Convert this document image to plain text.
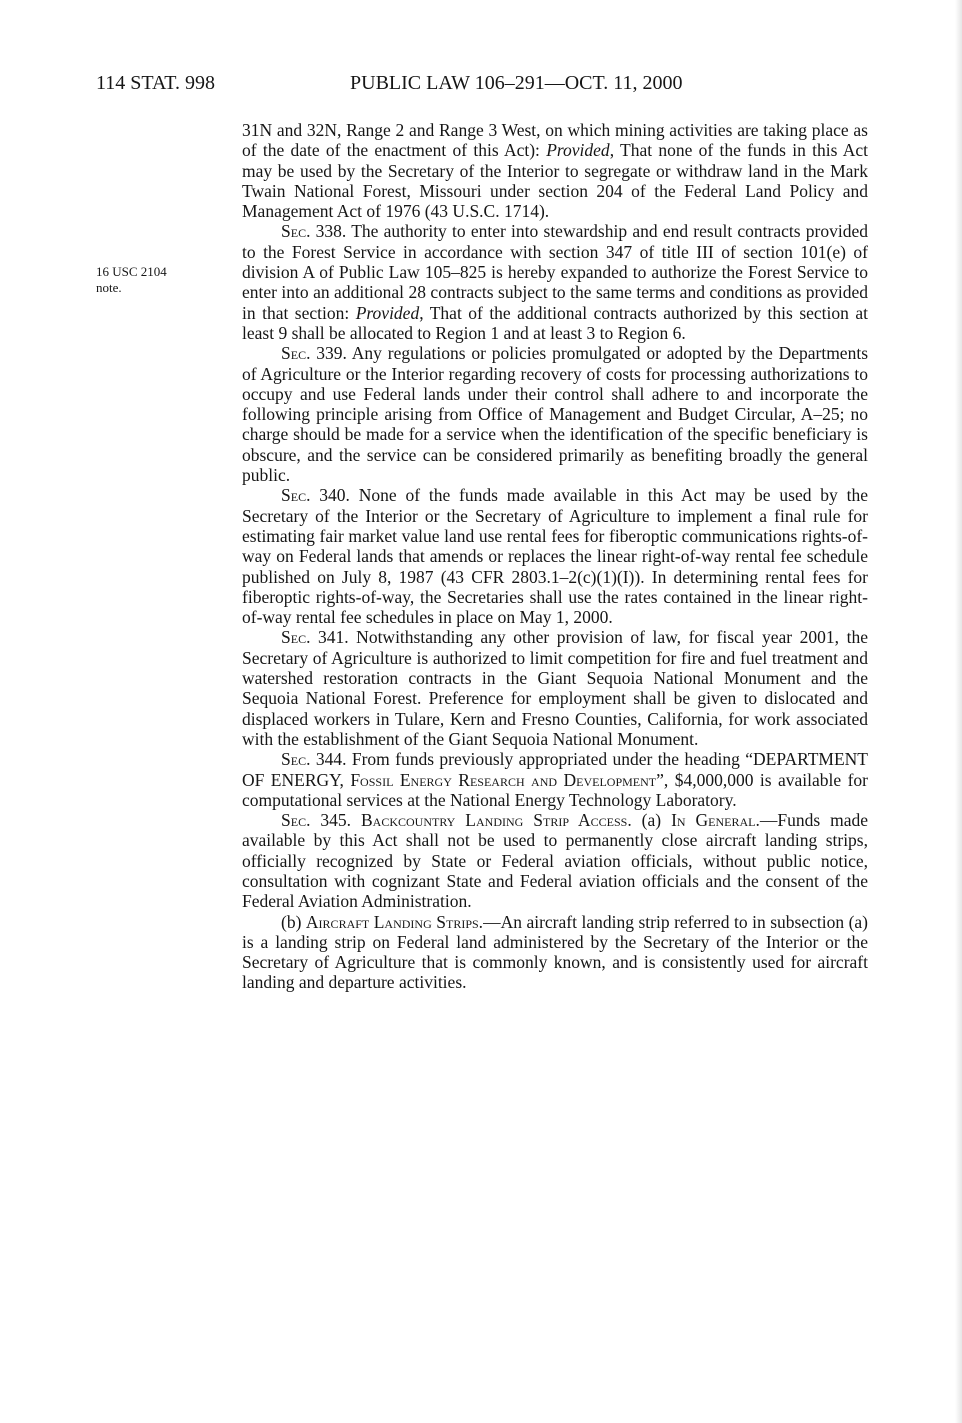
114 STAT. 998	PUBLIC LAW 106–291—OCT. 11, 2000
16 USC 2104
note.

31N and 32N, Range 2 and Range 3 West, on which mining activities are taking place as of the date of the enactment of this Act): Provided, That none of the funds in this Act may be used by the Secretary of the Interior to segregate or withdraw land in the Mark Twain National Forest, Missouri under section 204 of the Federal Land Policy and Management Act of 1976 (43 U.S.C. 1714).

Sec. 338. The authority to enter into stewardship and end result contracts provided to the Forest Service in accordance with section 347 of title III of section 101(e) of division A of Public Law 105–825 is hereby expanded to authorize the Forest Service to enter into an additional 28 contracts subject to the same terms and conditions as provided in that section: Provided, That of the additional contracts authorized by this section at least 9 shall be allocated to Region 1 and at least 3 to Region 6.

Sec. 339. Any regulations or policies promulgated or adopted by the Departments of Agriculture or the Interior regarding recovery of costs for processing authorizations to occupy and use Federal lands under their control shall adhere to and incorporate the following principle arising from Office of Management and Budget Circular, A–25; no charge should be made for a service when the identification of the specific beneficiary is obscure, and the service can be considered primarily as benefiting broadly the general public.

Sec. 340. None of the funds made available in this Act may be used by the Secretary of the Interior or the Secretary of Agriculture to implement a final rule for estimating fair market value land use rental fees for fiberoptic communications rights-of-way on Federal lands that amends or replaces the linear right-of-way rental fee schedule published on July 8, 1987 (43 CFR 2803.1–2(c)(1)(I)). In determining rental fees for fiberoptic rights-of-way, the Secretaries shall use the rates contained in the linear right-of-way rental fee schedules in place on May 1, 2000.

Sec. 341. Notwithstanding any other provision of law, for fiscal year 2001, the Secretary of Agriculture is authorized to limit competition for fire and fuel treatment and watershed restoration contracts in the Giant Sequoia National Monument and the Sequoia National Forest. Preference for employment shall be given to dislocated and displaced workers in Tulare, Kern and Fresno Counties, California, for work associated with the establishment of the Giant Sequoia National Monument.

Sec. 344. From funds previously appropriated under the heading “DEPARTMENT OF ENERGY, Fossil Energy Research and Development”, $4,000,000 is available for computational services at the National Energy Technology Laboratory.

Sec. 345. Backcountry Landing Strip Access. (a) In General.—Funds made available by this Act shall not be used to permanently close aircraft landing strips, officially recognized by State or Federal aviation officials, without public notice, consultation with cognizant State and Federal aviation officials and the consent of the Federal Aviation Administration.

(b) Aircraft Landing Strips.—An aircraft landing strip referred to in subsection (a) is a landing strip on Federal land administered by the Secretary of the Interior or the Secretary of Agriculture that is commonly known, and is consistently used for aircraft landing and departure activities.
